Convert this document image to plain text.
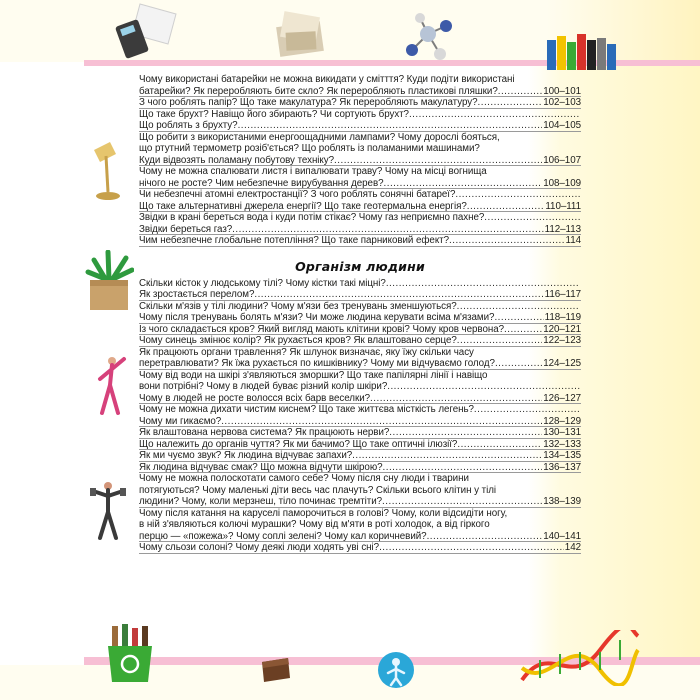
Чому використані батарейки не можна викидати у смітття? Куди подіти використані
батарейки? Як переробляють бите скло? Як переробляють пластикові пляшки? .....	100–101
З чого роблять папір? Що таке макулатура? Як переробляють макулатуру? .....	102–103
Що таке брухт? Навіщо його збирають? Чи сортують брухт?
.....
Що роблять з брухту? .....	104–105
Що робити з використаними енергоощадними лампами? Чому дорослі бояться,
що ртутний термометр розіб'ється? Що роблять із поламаними машинами?
Куди відвозять поламану побутову техніку? .....	106–107
Чому не можна спалювати листя і випалювати траву? Чому на місці вогнища
нічого не росте? Чим небезпечне вирубування дерев? .....	108–109
Чи небезпечні атомні електростанції? З чого роблять сонячні батареї?
.....
Що таке альтернативні джерела енергії? Що таке геотермальна енергія? .....	110–111
Звідки в крані береться вода і куди потім стікає? Чому газ неприємно пахне?
.....
Звідки береться газ? .....	112–113
Чим небезпечне глобальне потепління? Що таке парниковий ефект? .....	114
Організм людини
Скільки кісток у людському тілі? Чому кістки такі міцні?
.....
Як зростається перелом? .....	116–117
Скільки м'язів у тілі людини? Чому м'язи без тренувань зменшуються?
.....
Чому після тренувань болять м'язи? Чи може людина керувати всіма м'язами? .....	118–119
Із чого складається кров? Який вигляд мають клітини крові? Чому кров червона? .....	120–121
Чому синець змінює колір? Як рухається кров? Як влаштовано серце? .....	122–123
Як працюють органи травлення? Як шлунок визначає, яку їжу скільки часу
перетравлювати? Як їжа рухається по кишківнику? Чому ми відчуваємо голод? .....	124–125
Чому від води на шкірі з'являються зморшки? Що таке папілярні лінії і навіщо
вони потрібні? Чому в людей буває різний колір шкіри?
.....
Чому в людей не росте волосся всіх барв веселки? .....	126–127
Чому не можна дихати чистим киснем? Що таке життєва місткість легень?
.....
Чому ми гикаємо? .....	128–129
Як влаштована нервова система? Як працюють нерви? .....	130–131
Що належить до органів чуття? Як ми бачимо? Що таке оптичні ілюзії? .....	132–133
Як ми чуємо звук? Як людина відчуває запахи? .....	134–135
Як людина відчуває смак? Що можна відчути шкірою? .....	136–137
Чому не можна полоскотати самого себе? Чому після сну люди і тварини
потягуються? Чому маленькі діти весь час плачуть? Скільки всього клітин у тілі
людини? Чому, коли мерзнеш, тіло починає тремтіти? .....	138–139
Чому після катання на каруселі паморочиться в голові? Чому, коли відсидіти ногу,
в ній з'являються колючі мурашки? Чому від м'яти в роті холодок, а від гіркого
перцю — «пожежа»? Чому соплі зелені? Чому кал коричневий? .....	140–141
Чому сльози солоні? Чому деякі люди ходять уві сні? .....	142
